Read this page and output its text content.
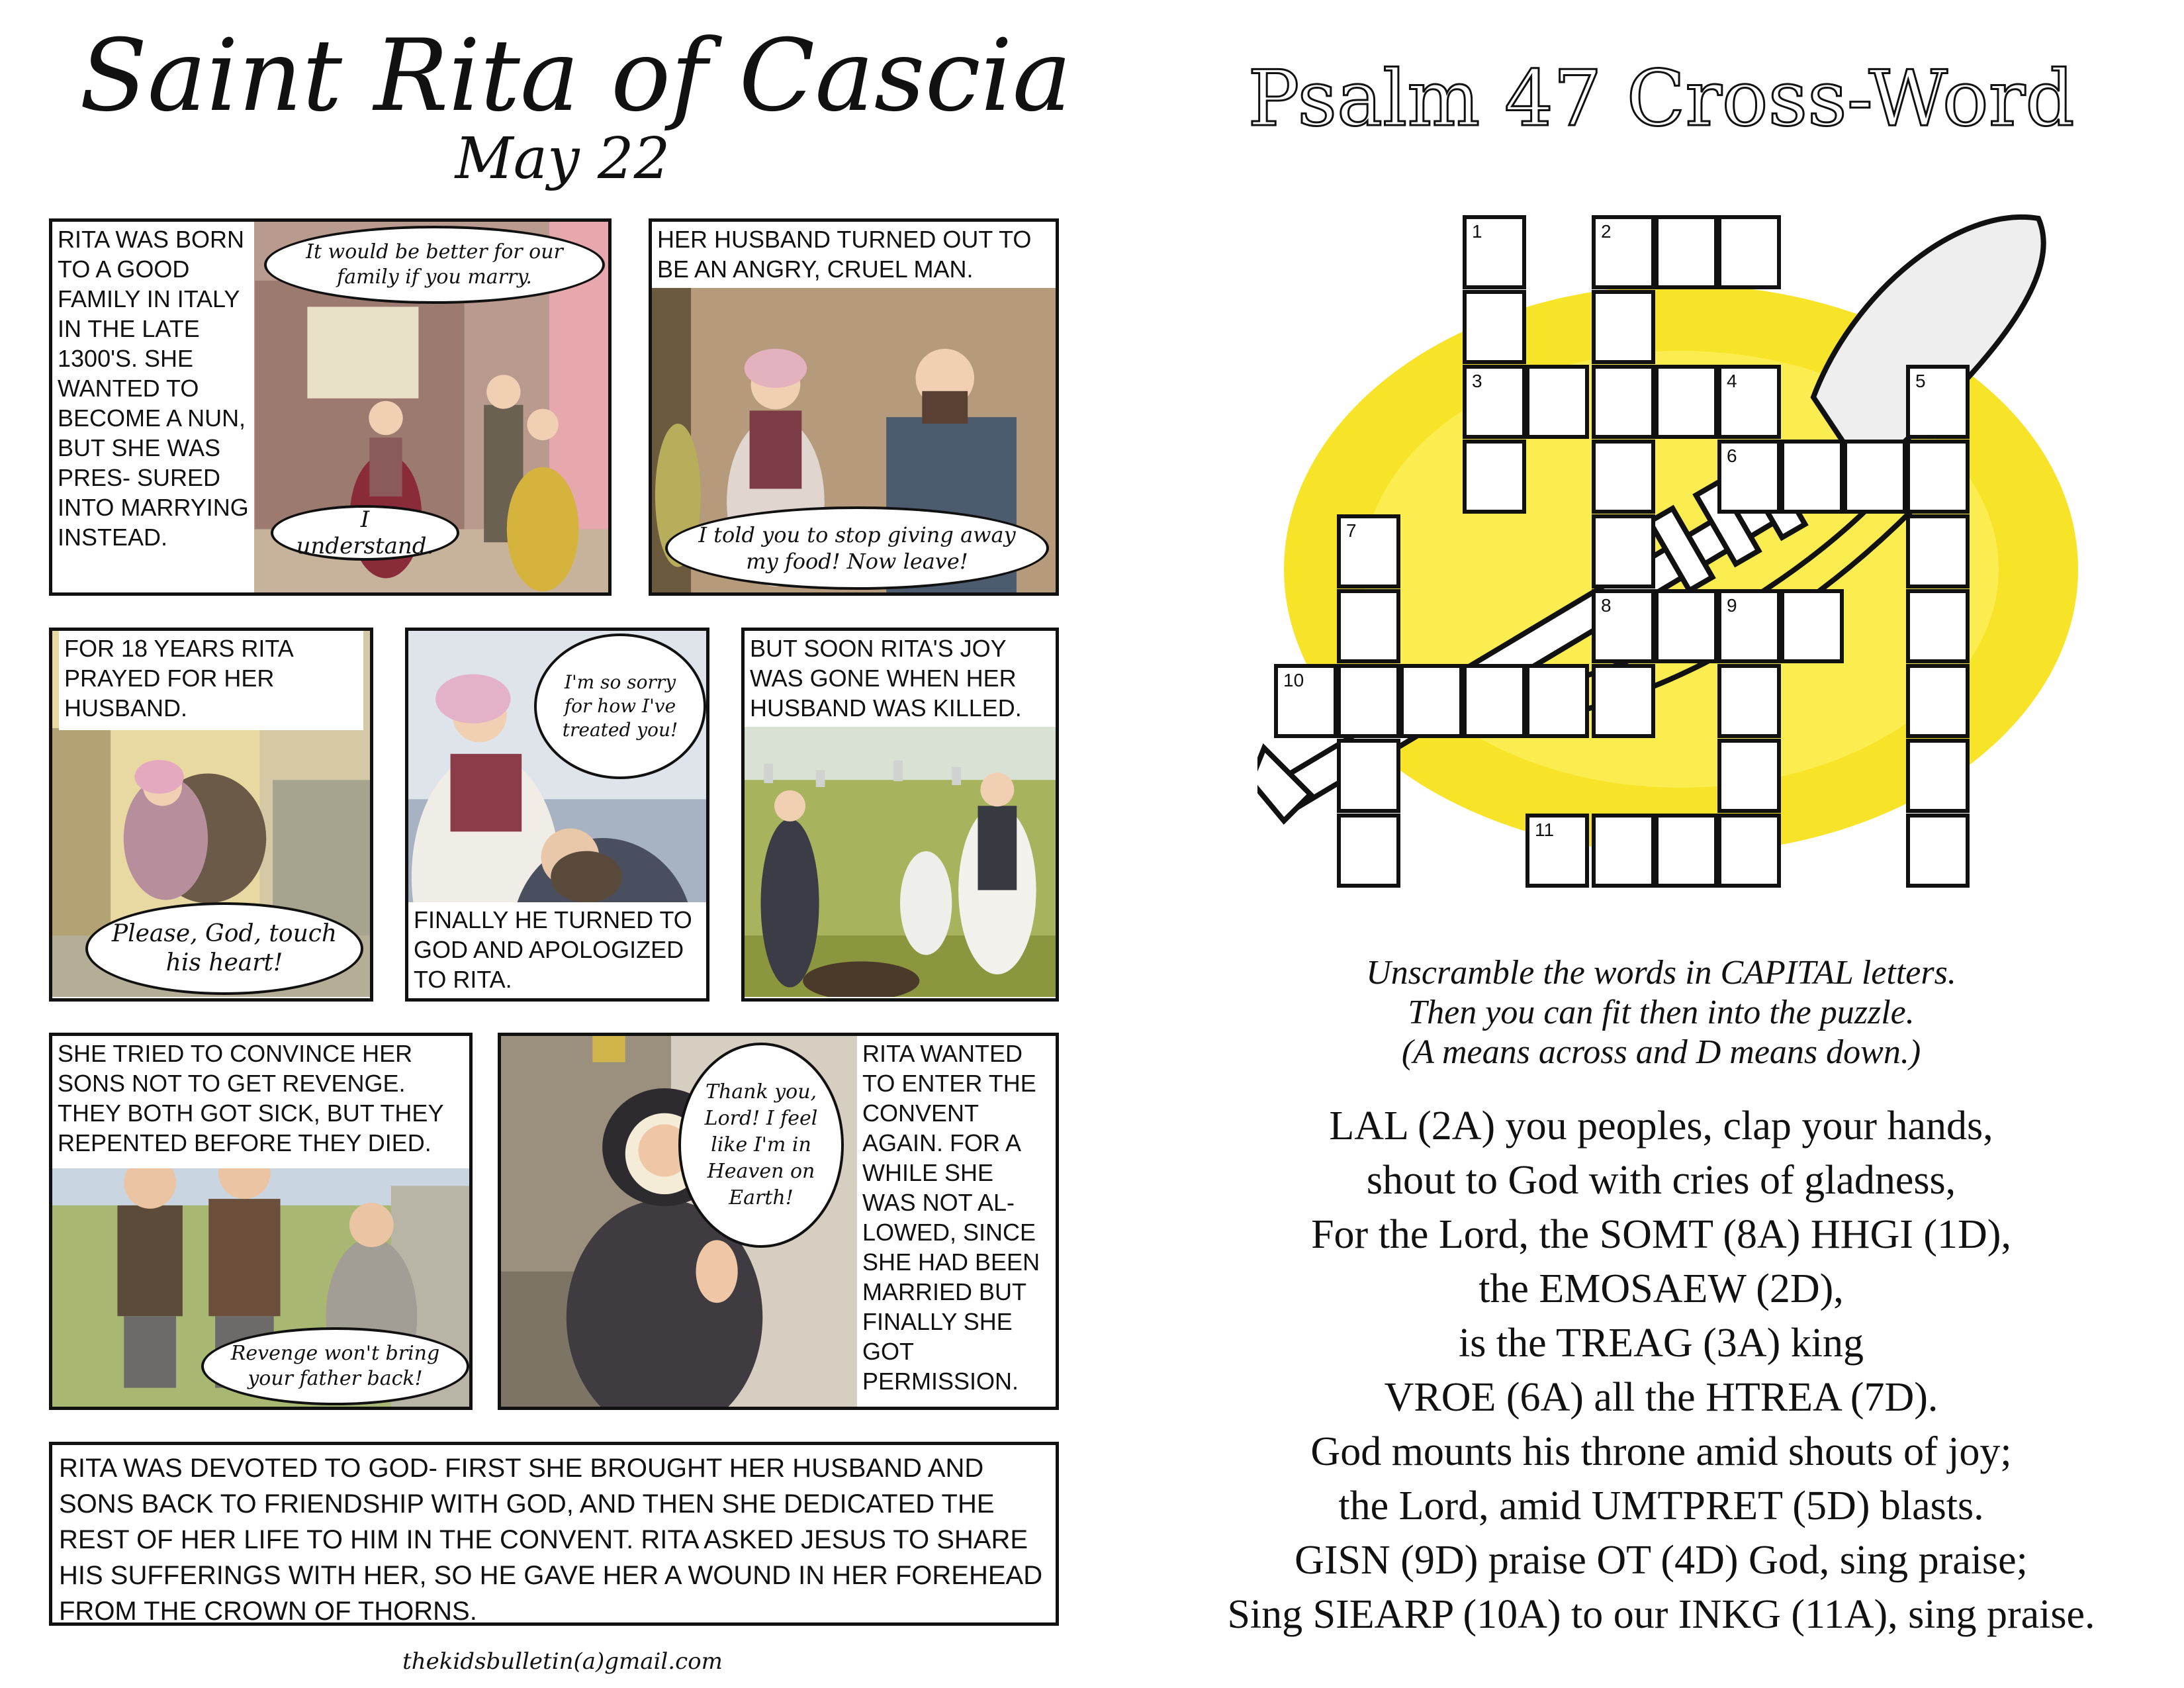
Saint Rita of Cascia
May 22
RITA WAS BORN TO A GOOD FAMILY IN ITALY IN THE LATE 1300'S. SHE WANTED TO BECOME A NUN, BUT SHE WAS PRES- SURED INTO MARRYING INSTEAD.
It would be better for our family if you marry.
I understand.
HER HUSBAND TURNED OUT TO BE AN ANGRY, CRUEL MAN.
I told you to stop giving away my food! Now leave!
FOR 18 YEARS RITA PRAYED FOR HER HUSBAND.
Please, God, touch his heart!
I'm so sorry for how I've treated you!
FINALLY HE TURNED TO GOD AND APOLOGIZED TO RITA.
BUT SOON RITA'S JOY WAS GONE WHEN HER HUSBAND WAS KILLED.
SHE TRIED TO CONVINCE HER SONS NOT TO GET REVENGE. THEY BOTH GOT SICK, BUT THEY REPENTED BEFORE THEY DIED.
Revenge won't bring your father back!
Thank you, Lord! I feel like I'm in Heaven on Earth!
RITA WANTED TO ENTER THE CONVENT AGAIN. FOR A WHILE SHE WAS NOT AL- LOWED, SINCE SHE HAD BEEN MARRIED BUT FINALLY SHE GOT PERMISSION.
RITA WAS DEVOTED TO GOD- FIRST SHE BROUGHT HER HUSBAND AND SONS BACK TO FRIENDSHIP WITH GOD, AND THEN SHE DEDICATED THE REST OF HER LIFE TO HIM IN THE CONVENT. RITA ASKED JESUS TO SHARE HIS SUFFERINGS WITH HER, SO HE GAVE HER A WOUND IN HER FOREHEAD FROM THE CROWN OF THORNS.
thekidsbulletin(a)gmail.com
Psalm 47 Cross-Word
1
3
2
8
4
6
5
7
9
10
11
Unscramble the words in CAPITAL letters.
Then you can fit then into the puzzle.
(A means across and D means down.)
LAL (2A) you peoples, clap your hands,
shout to God with cries of gladness,
For the Lord, the SOMT (8A) HHGI (1D),
the EMOSAEW (2D),
is the TREAG (3A) king
VROE (6A) all the HTREA (7D).
God mounts his throne amid shouts of joy;
the Lord, amid UMTPRET (5D) blasts.
GISN (9D) praise OT (4D) God, sing praise;
Sing SIEARP (10A) to our INKG (11A), sing praise.
